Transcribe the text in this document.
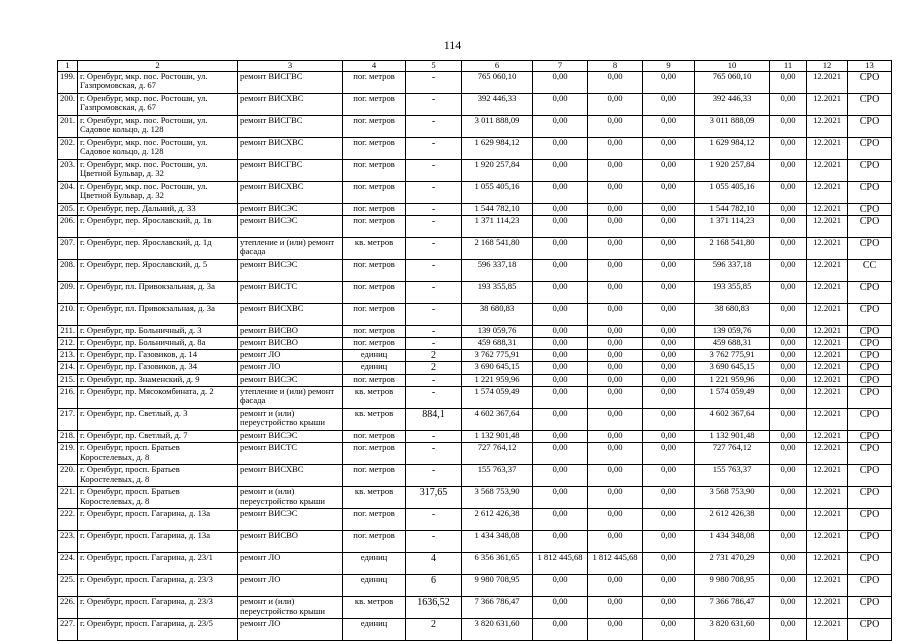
114
1	2	3	4	5	6	7	8	9	10	11	12	13
199.	г. Оренбург, мкр. пос. Ростоши, ул. Газпромовская, д. 67	ремонт ВИСГВС	пог. метров	-	765 060,10	0,00	0,00	0,00	765 060,10	0,00	12.2021	СРО
200.	г. Оренбург, мкр. пос. Ростоши, ул. Газпромовская, д. 67	ремонт ВИСХВС	пог. метров	-	392 446,33	0,00	0,00	0,00	392 446,33	0,00	12.2021	СРО
201.	г. Оренбург, мкр. пос. Ростоши, ул. Садовое кольцо, д. 128	ремонт ВИСГВС	пог. метров	-	3 011 888,09	0,00	0,00	0,00	3 011 888,09	0,00	12.2021	СРО
202.	г. Оренбург, мкр. пос. Ростоши, ул. Садовое кольцо, д. 128	ремонт ВИСХВС	пог. метров	-	1 629 984,12	0,00	0,00	0,00	1 629 984,12	0,00	12.2021	СРО
203.	г. Оренбург, мкр. пос. Ростоши, ул. Цветной Бульвар, д. 32	ремонт ВИСГВС	пог. метров	-	1 920 257,84	0,00	0,00	0,00	1 920 257,84	0,00	12.2021	СРО
204.	г. Оренбург, мкр. пос. Ростоши, ул. Цветной Бульвар, д. 32	ремонт ВИСХВС	пог. метров	-	1 055 405,16	0,00	0,00	0,00	1 055 405,16	0,00	12.2021	СРО
205.	г. Оренбург, пер. Дальний, д. 33	ремонт ВИСЭС	пог. метров	-	1 544 782,10	0,00	0,00	0,00	1 544 782,10	0,00	12.2021	СРО
206.	г. Оренбург, пер. Ярославский, д. 1в	ремонт ВИСЭС	пог. метров	-	1 371 114,23	0,00	0,00	0,00	1 371 114,23	0,00	12.2021	СРО
207.	г. Оренбург, пер. Ярославский, д. 1д	утепление и (или) ремонт фасада	кв. метров	-	2 168 541,80	0,00	0,00	0,00	2 168 541,80	0,00	12.2021	СРО
208.	г. Оренбург, пер. Ярославский, д. 5	ремонт ВИСЭС	пог. метров	-	596 337,18	0,00	0,00	0,00	596 337,18	0,00	12.2021	СС
209.	г. Оренбург, пл. Привокзальная, д. 3а	ремонт ВИСТС	пог. метров	-	193 355,85	0,00	0,00	0,00	193 355,85	0,00	12.2021	СРО
210.	г. Оренбург, пл. Привокзальная, д. 3а	ремонт ВИСХВС	пог. метров	-	38 680,83	0,00	0,00	0,00	38 680,83	0,00	12.2021	СРО
211.	г. Оренбург, пр. Больничный, д. 3	ремонт ВИСВО	пог. метров	-	139 059,76	0,00	0,00	0,00	139 059,76	0,00	12.2021	СРО
212.	г. Оренбург, пр. Больничный, д. 8а	ремонт ВИСВО	пог. метров	-	459 688,31	0,00	0,00	0,00	459 688,31	0,00	12.2021	СРО
213.	г. Оренбург, пр. Газовиков, д. 14	ремонт ЛО	единиц	2	3 762 775,91	0,00	0,00	0,00	3 762 775,91	0,00	12.2021	СРО
214.	г. Оренбург, пр. Газовиков, д. 34	ремонт ЛО	единиц	2	3 690 645,15	0,00	0,00	0,00	3 690 645,15	0,00	12.2021	СРО
215.	г. Оренбург, пр. Знаменский, д. 9	ремонт ВИСЭС	пог. метров	-	1 221 959,96	0,00	0,00	0,00	1 221 959,96	0,00	12.2021	СРО
216.	г. Оренбург, пр. Мясокомбината, д. 2	утепление и (или) ремонт фасада	кв. метров	-	1 574 059,49	0,00	0,00	0,00	1 574 059,49	0,00	12.2021	СРО
217.	г. Оренбург, пр. Светлый, д. 3	ремонт и (или) переустройство крыши	кв. метров	884,1	4 602 367,64	0,00	0,00	0,00	4 602 367,64	0,00	12.2021	СРО
218.	г. Оренбург, пр. Светлый, д. 7	ремонт ВИСЭС	пог. метров	-	1 132 901,48	0,00	0,00	0,00	1 132 901,48	0,00	12.2021	СРО
219.	г. Оренбург, просп. Братьев Коростелевых, д. 8	ремонт ВИСТС	пог. метров	-	727 764,12	0,00	0,00	0,00	727 764,12	0,00	12.2021	СРО
220.	г. Оренбург, просп. Братьев Коростелевых, д. 8	ремонт ВИСХВС	пог. метров	-	155 763,37	0,00	0,00	0,00	155 763,37	0,00	12.2021	СРО
221.	г. Оренбург, просп. Братьев Коростелевых, д. 8	ремонт и (или) переустройство крыши	кв. метров	317,65	3 568 753,90	0,00	0,00	0,00	3 568 753,90	0,00	12.2021	СРО
222.	г. Оренбург, просп. Гагарина, д. 13а	ремонт ВИСЭС	пог. метров	-	2 612 426,38	0,00	0,00	0,00	2 612 426,38	0,00	12.2021	СРО
223.	г. Оренбург, просп. Гагарина, д. 13а	ремонт ВИСВО	пог. метров	-	1 434 348,08	0,00	0,00	0,00	1 434 348,08	0,00	12.2021	СРО
224.	г. Оренбург, просп. Гагарина, д. 23/1	ремонт ЛО	единиц	4	6 356 361,65	1 812 445,68	1 812 445,68	0,00	2 731 470,29	0,00	12.2021	СРО
225.	г. Оренбург, просп. Гагарина, д. 23/3	ремонт ЛО	единиц	6	9 980 708,95	0,00	0,00	0,00	9 980 708,95	0,00	12.2021	СРО
226.	г. Оренбург, просп. Гагарина, д. 23/3	ремонт и (или) переустройство крыши	кв. метров	1636,52	7 366 786,47	0,00	0,00	0,00	7 366 786,47	0,00	12.2021	СРО
227.	г. Оренбург, просп. Гагарина, д. 23/5	ремонт ЛО	единиц	2	3 820 631,60	0,00	0,00	0,00	3 820 631,60	0,00	12.2021	СРО
